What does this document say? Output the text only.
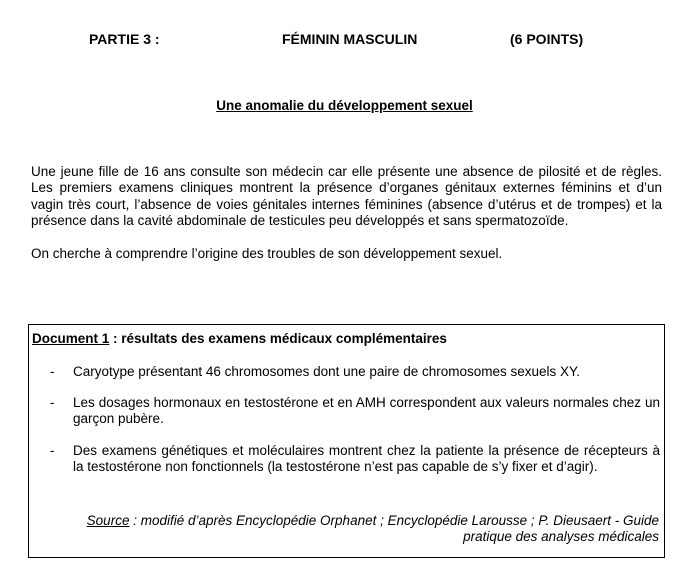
PARTIE 3 :	FÉMININ MASCULIN	(6 POINTS)
Une anomalie du développement sexuel

Une jeune fille de 16 ans consulte son médecin car elle présente une absence de pilosité et de règles. Les premiers examens cliniques montrent la présence d’organes génitaux externes féminins et d’un vagin très court, l’absence de voies génitales internes féminines (absence d’utérus et de trompes) et la présence dans la cavité abdominale de testicules peu développés et sans spermatozoïde.

On cherche à comprendre l’origine des troubles de son développement sexuel.

Document 1 : résultats des examens médicaux complémentaires
- Caryotype présentant 46 chromosomes dont une paire de chromosomes sexuels XY.
- Les dosages hormonaux en testostérone et en AMH correspondent aux valeurs normales chez un garçon pubère.
- Des examens génétiques et moléculaires montrent chez la patiente la présence de récepteurs à la testostérone non fonctionnels (la testostérone n’est pas capable de s’y fixer et d’agir).
Source : modifié d’après Encyclopédie Orphanet ; Encyclopédie Larousse ; P. Dieusaert - Guide pratique des analyses médicales
